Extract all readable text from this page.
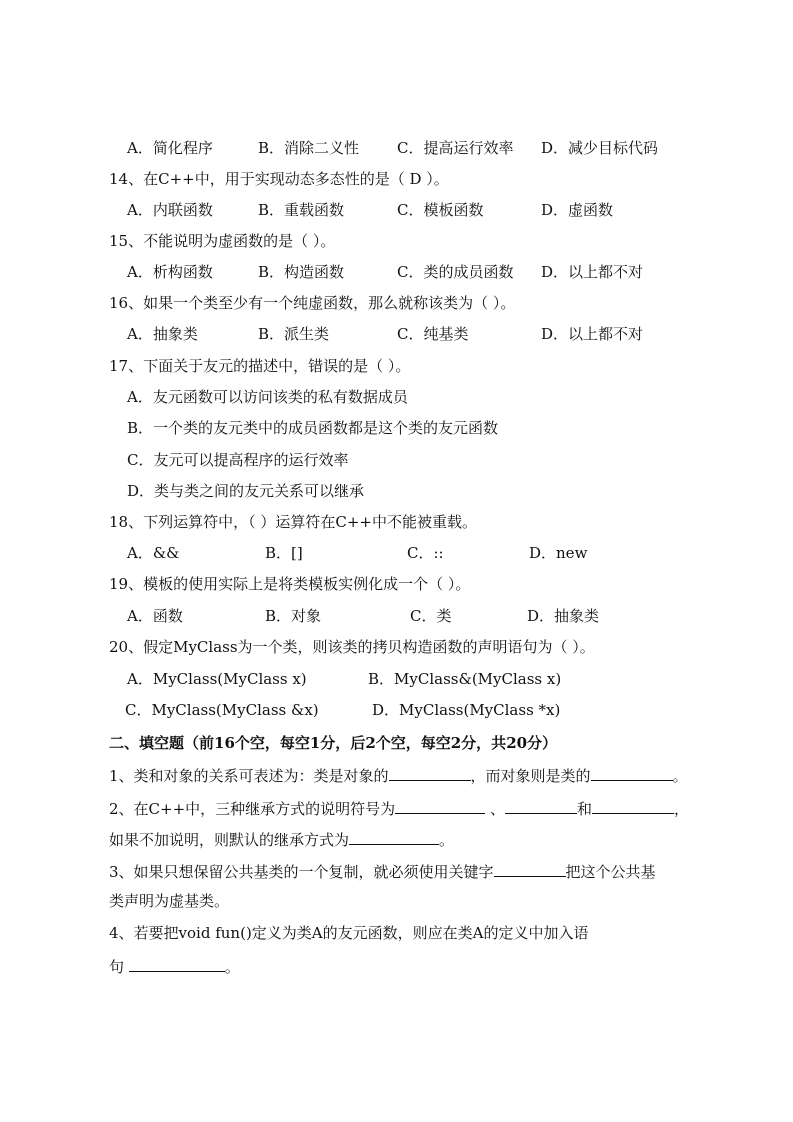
A．简化程序	B．消除二义性	C．提高运行效率 D．减少目标代码
14、在C++中，用于实现动态多态性的是（ D ）。
A．内联函数	B．重载函数	C．模板函数	D．虚函数
15、不能说明为虚函数的是（ ）。
A．析构函数	B．构造函数	C．类的成员函数 D．以上都不对
16、如果一个类至少有一个纯虚函数，那么就称该类为（ ）。
A．抽象类	B．派生类	C．纯基类	D．以上都不对
17、下面关于友元的描述中，错误的是（ ）。
A．友元函数可以访问该类的私有数据成员
B．一个类的友元类中的成员函数都是这个类的友元函数
C．友元可以提高程序的运行效率
D．类与类之间的友元关系可以继承
18、下列运算符中，（ ）运算符在C++中不能被重载。
A．&&	B．[]	C．::	D．new
19、模板的使用实际上是将类模板实例化成一个（ ）。
A．函数	B．对象	C．类	D．抽象类
20、假定MyClass为一个类，则该类的拷贝构造函数的声明语句为（ ）。
A．MyClass(MyClass x)	B．MyClass&(MyClass x)
C．MyClass(MyClass &x)	D．MyClass(MyClass *x)
二、填空题（前16个空，每空1分，后2个空，每空2分，共20分）
1、类和对象的关系可表述为：类是对象的	，而对象则是类的	。
2、在C++中，三种继承方式的说明符号为	、	和	，
如果不加说明，则默认的继承方式为	。
3、如果只想保留公共基类的一个复制，就必须使用关键字	把这个公共基
类声明为虚基类。
4、若要把void fun()定义为类A的友元函数，则应在类A的定义中加入语
句	。
